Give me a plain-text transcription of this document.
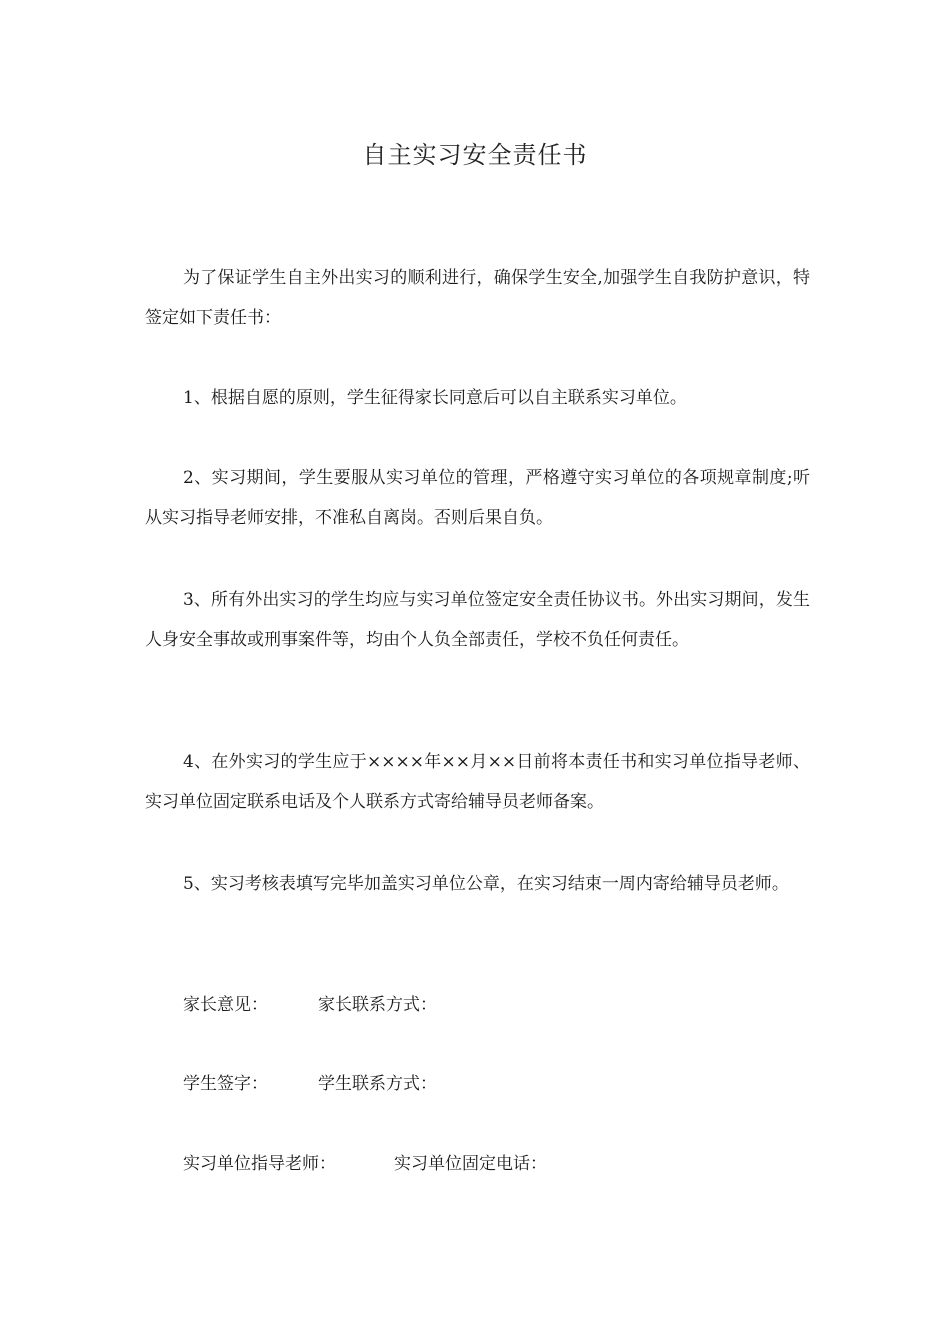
自主实习安全责任书
为了保证学生自主外出实习的顺利进行，确保学生安全,加强学生自我防护意识，特签定如下责任书：
1、根据自愿的原则，学生征得家长同意后可以自主联系实习单位。
2、实习期间，学生要服从实习单位的管理，严格遵守实习单位的各项规章制度;听从实习指导老师安排，不准私自离岗。否则后果自负。
3、所有外出实习的学生均应与实习单位签定安全责任协议书。外出实习期间，发生人身安全事故或刑事案件等，均由个人负全部责任，学校不负任何责任。
4、在外实习的学生应于××××年××月××日前将本责任书和实习单位指导老师、实习单位固定联系电话及个人联系方式寄给辅导员老师备案。
5、实习考核表填写完毕加盖实习单位公章，在实习结束一周内寄给辅导员老师。
家长意见：	家长联系方式：
学生签字：	学生联系方式：
实习单位指导老师：	实习单位固定电话：
